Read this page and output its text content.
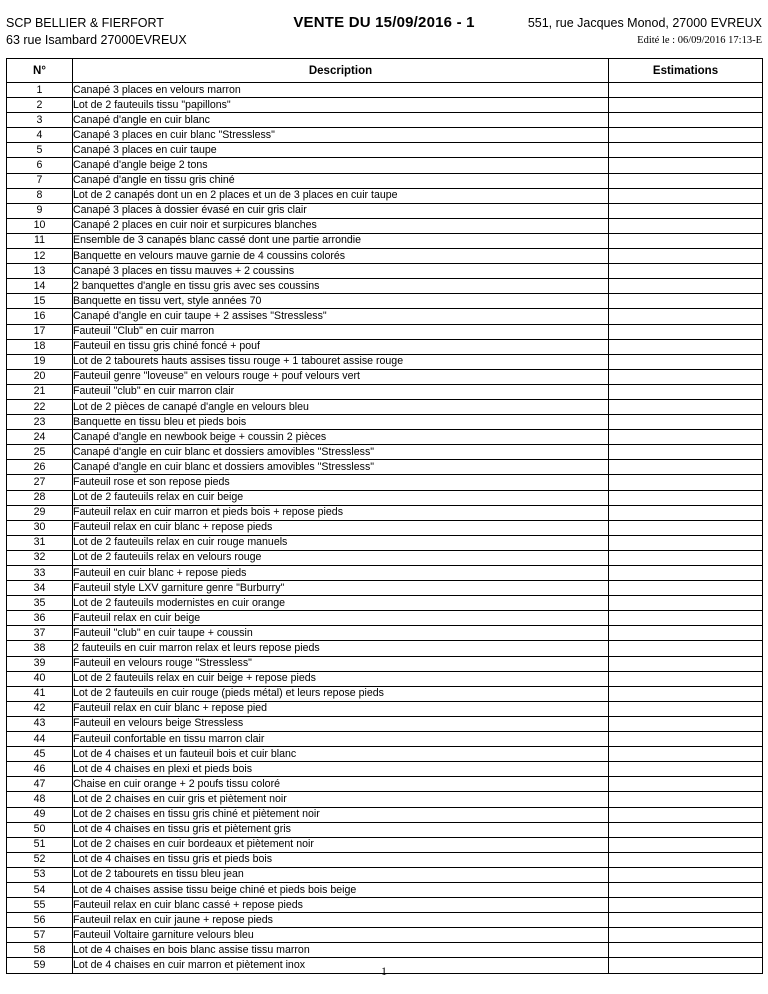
SCP BELLIER & FIERFORT
63 rue Isambard 27000EVREUX
VENTE DU 15/09/2016 - 1	551, rue Jacques Monod, 27000 EVREUX
Edité le : 06/09/2016 17:13-E
N°	Description	Estimations
1	Canapé 3 places en velours marron	
2	Lot de 2 fauteuils tissu "papillons"	
3	Canapé d'angle en cuir blanc	
4	Canapé 3 places en cuir blanc "Stressless"	
5	Canapé 3 places en cuir taupe	
6	Canapé d'angle beige 2 tons	
7	Canapé d'angle en tissu gris chiné	
8	Lot de 2 canapés dont un en 2 places et un de 3 places en cuir taupe	
9	Canapé 3 places à dossier évasé en cuir gris clair	
10	Canapé 2 places en cuir noir et surpicures blanches	
11	Ensemble de 3 canapés blanc cassé dont une partie arrondie	
12	Banquette en velours mauve garnie de 4 coussins colorés	
13	Canapé 3 places en tissu mauves + 2 coussins	
14	2 banquettes d'angle en tissu gris avec ses coussins	
15	Banquette en tissu vert, style années 70	
16	Canapé d'angle en cuir taupe + 2 assises "Stressless"	
17	Fauteuil "Club" en cuir marron	
18	Fauteuil en tissu gris chiné foncé + pouf	
19	Lot de 2 tabourets hauts assises tissu rouge + 1 tabouret assise rouge	
20	Fauteuil genre "loveuse" en velours rouge + pouf velours vert	
21	Fauteuil "club" en cuir marron clair	
22	Lot de 2 pièces de canapé d'angle en velours bleu	
23	Banquette en tissu bleu et pieds bois	
24	Canapé d'angle en newbook beige + coussin 2 pièces	
25	Canapé d'angle en cuir blanc et dossiers amovibles "Stressless"	
26	Canapé d'angle en cuir blanc et dossiers amovibles "Stressless"	
27	Fauteuil rose et son repose pieds	
28	Lot de 2 fauteuils relax en cuir beige	
29	Fauteuil relax en cuir marron et pieds bois + repose pieds	
30	Fauteuil relax en cuir blanc + repose pieds	
31	Lot de 2 fauteuils relax en cuir rouge manuels	
32	Lot de 2 fauteuils relax en velours rouge	
33	Fauteuil en cuir blanc + repose pieds	
34	Fauteuil style LXV garniture genre "Burburry"	
35	Lot de 2 fauteuils modernistes en cuir orange	
36	Fauteuil relax en cuir beige	
37	Fauteuil "club" en cuir taupe + coussin	
38	2 fauteuils en cuir marron relax et leurs repose pieds	
39	Fauteuil en velours rouge "Stressless"	
40	Lot de 2 fauteuils relax en cuir beige + repose pieds	
41	Lot de 2 fauteuils en cuir rouge (pieds métal) et leurs repose pieds	
42	Fauteuil relax en cuir blanc + repose pied	
43	Fauteuil en velours beige Stressless	
44	Fauteuil confortable en tissu marron clair	
45	Lot de 4 chaises et un fauteuil bois et cuir blanc	
46	Lot de 4 chaises en plexi et pieds bois	
47	Chaise en cuir orange + 2 poufs tissu coloré	
48	Lot de 2 chaises en cuir gris et piètement noir	
49	Lot de 2 chaises en tissu gris chiné et piètement noir	
50	Lot de 4 chaises en tissu gris et piètement gris	
51	Lot de 2 chaises en cuir bordeaux et piètement noir	
52	Lot de 4 chaises en tissu gris et pieds bois	
53	Lot de 2 tabourets en tissu bleu jean	
54	Lot de 4 chaises assise tissu beige chiné et pieds bois beige	
55	Fauteuil relax en cuir blanc cassé + repose pieds	
56	Fauteuil relax en cuir jaune + repose pieds	
57	Fauteuil Voltaire garniture velours bleu	
58	Lot de 4 chaises en bois blanc assise tissu marron	
59	Lot de 4 chaises en cuir marron et piètement inox		1
